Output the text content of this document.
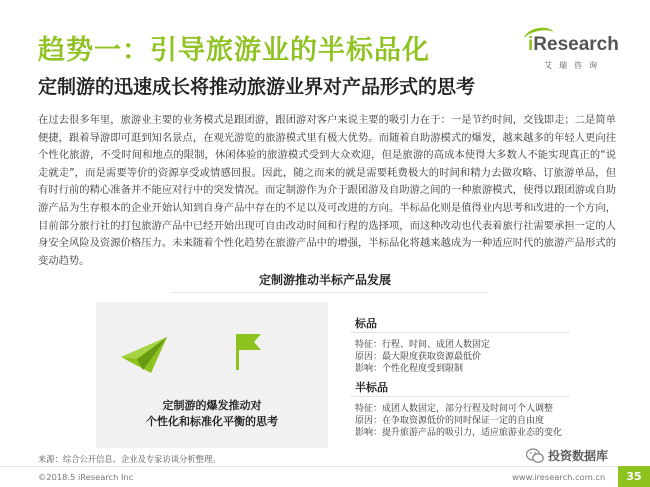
趋势一：引导旅游业的半标品化
定制游的迅速成长将推动旅游业界对产品形式的思考
iResearch
艾瑞咨询
在过去很多年里，旅游业主要的业务模式是跟团游，跟团游对客户来说主要的吸引力在于：一是节约时间，交钱即走；二是简单便捷，跟着导游即可逛到知名景点，在观光游览的旅游模式里有极大优势。而随着自助游模式的爆发，越来越多的年轻人更向往个性化旅游，不受时间和地点的限制，休闲体验的旅游模式受到大众欢迎，但是旅游的高成本使得大多数人不能实现真正的“说走就走”，而是需要等价的资源享受或情感回报。因此，随之而来的就是需要耗费极大的时间和精力去做攻略、订旅游单品，但有时行前的精心准备并不能应对行中的突发情况。而定制游作为介于跟团游及自助游之间的一种旅游模式，使得以跟团游或自助游产品为生存根本的企业开始认知到自身产品中存在的不足以及可改进的方向。半标品化则是值得业内思考和改进的一个方向，目前部分旅行社的打包旅游产品中已经开始出现可自由改动时间和行程的选择项，而这种改动也代表着旅行社需要承担一定的人身安全风险及资源价格压力。未来随着个性化趋势在旅游产品中的增强，半标品化将越来越成为一种适应时代的旅游产品形式的变动趋势。
定制游推动半标产品发展
定制游的爆发推动对
个性化和标准化平衡的思考
标品
特征：行程、时间、成团人数固定
原因：最大限度获取资源最低价
影响：个性化程度受到限制
半标品
特征：成团人数固定，部分行程及时间可个人调整
原因：在争取资源低价的同时保证一定的自由度
影响：提升旅游产品的吸引力，适应旅游业态的变化
投资数据库
来源：综合公开信息、企业及专家访谈分析整理。
©2018.5 iResearch Inc	www.iresearch.com.cn	35
